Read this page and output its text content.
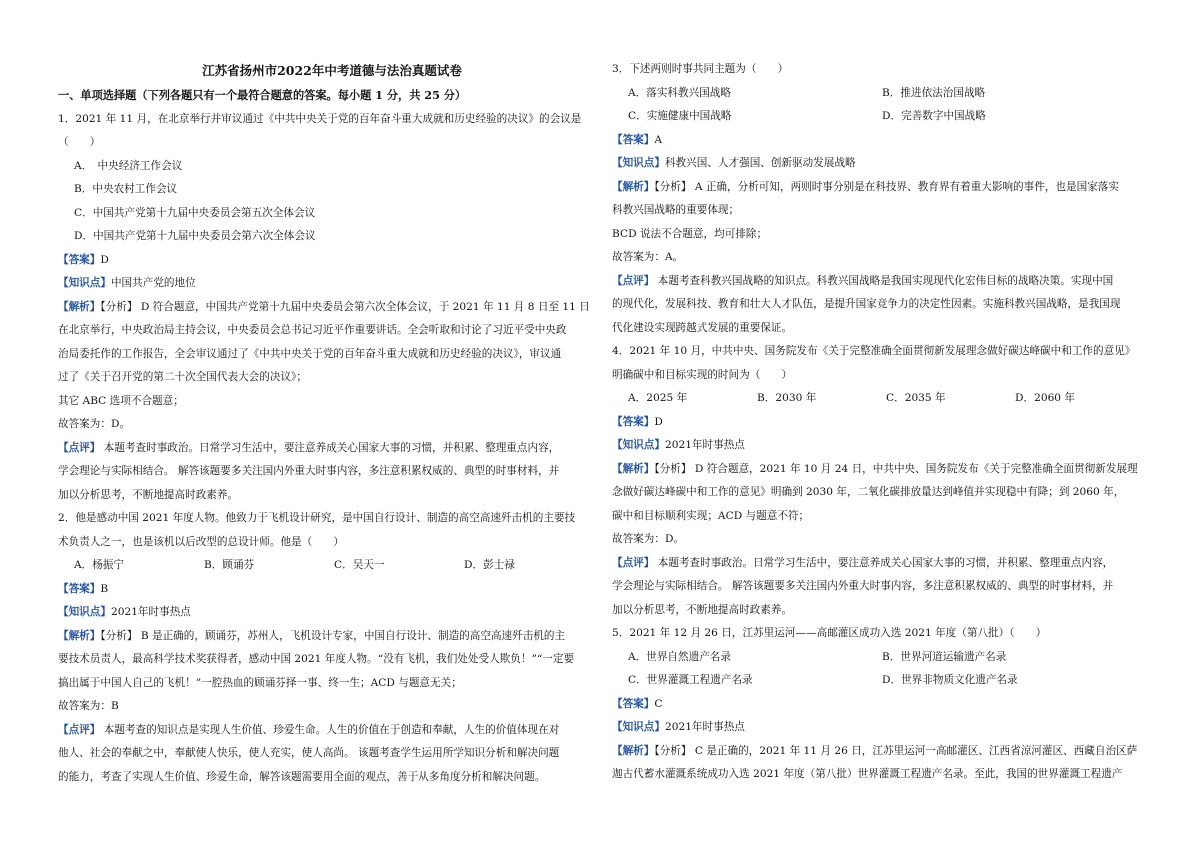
江苏省扬州市2022年中考道德与法治真题试卷
一、单项选择题（下列各题只有一个最符合题意的答案。每小题 1 分，共 25 分）
1．2021 年 11 月，在北京举行并审议通过《中共中央关于党的百年奋斗重大成就和历史经验的决议》的会议是
（　　）
A．　中央经济工作会议
B．中央农村工作会议
C．中国共产党第十九届中央委员会第五次全体会议
D．中国共产党第十九届中央委员会第六次全体会议
【答案】D
【知识点】中国共产党的地位
【解析】【分析】 D 符合题意，中国共产党第十九届中央委员会第六次全体会议，于 2021 年 11 月 8 日至 11 日
在北京举行，中央政治局主持会议，中央委员会总书记习近平作重要讲话。全会听取和讨论了习近平受中央政
治局委托作的工作报告，全会审议通过了《中共中央关于党的百年奋斗重大成就和历史经验的决议》，审议通
过了《关于召开党的第二十次全国代表大会的决议》；
其它 ABC 选项不合题意；
故答案为：D。
【点评】 本题考查时事政治。日常学习生活中，要注意养成关心国家大事的习惯，并积累、整理重点内容，
学会理论与实际相结合。 解答该题要多关注国内外重大时事内容，多注意积累权威的、典型的时事材料，并
加以分析思考，不断地提高时政素养。
2．他是感动中国 2021 年度人物。他致力于飞机设计研究，是中国自行设计、制造的高空高速歼击机的主要技
术负责人之一，也是该机以后改型的总设计师。他是（　　）
A．杨振宁	B．顾诵芬	C．吴天一	D．彭士禄
【答案】B
【知识点】2021年时事热点
【解析】【分析】 B 是正确的，顾诵芬，苏州人，飞机设计专家，中国自行设计、制造的高空高速歼击机的主
要技术员责人，最高科学技术奖获得者，感动中国 2021 年度人物。“没有飞机，我们处处受人欺负！”“一定要
搞出属于中国人自己的飞机！”一腔热血的顾诵芬择一事、终一生；ACD 与题意无关；
故答案为：B
【点评】 本题考查的知识点是实现人生价值、珍爱生命。人生的价值在于创造和奉献，人生的价值体现在对
他人、社会的奉献之中，奉献使人快乐，使人充实，使人高尚。 该题考查学生运用所学知识分析和解决问题
的能力，考查了实现人生价值、珍爱生命，解答该题需要用全面的观点，善于从多角度分析和解决问题。
3．下述两则时事共同主题为（　　）
A．落实科教兴国战略	B．推进依法治国战略
C．实施健康中国战略	D．完善数字中国战略
【答案】A
【知识点】科教兴国、人才强国、创新驱动发展战略
【解析】【分析】 A 正确，分析可知，两则时事分别是在科技界、教育界有着重大影响的事件，也是国家落实
科教兴国战略的重要体现；
BCD 说法不合题意，均可排除；
故答案为：A。
【点评】 本题考查科教兴国战略的知识点。科教兴国战略是我国实现现代化宏伟目标的战略决策。实现中国
的现代化，发展科技、教育和壮大人才队伍，是提升国家竞争力的决定性因素。实施科教兴国战略，是我国现
代化建设实现跨越式发展的重要保证。
4．2021 年 10 月，中共中央、国务院发布《关于完整准确全面贯彻新发展理念做好碳达峰碳中和工作的意见》
明确碳中和目标实现的时间为（　　）
A．2025 年	B．2030 年	C．2035 年	D．2060 年
【答案】D
【知识点】2021年时事热点
【解析】【分析】 D 符合题意，2021 年 10 月 24 日，中共中央、国务院发布《关于完整准确全面贯彻新发展理
念做好碳达峰碳中和工作的意见》明确到 2030 年，二氧化碳排放量达到峰值并实现稳中有降；到 2060 年，
碳中和目标顺利实现；ACD 与题意不符；
故答案为：D。
【点评】 本题考查时事政治。日常学习生活中，要注意养成关心国家大事的习惯，并积累、整理重点内容，
学会理论与实际相结合。 解答该题要多关注国内外重大时事内容，多注意积累权威的、典型的时事材料，并
加以分析思考，不断地提高时政素养。
5．2021 年 12 月 26 日，江苏里运河——高邮灌区成功入选 2021 年度（第八批）（　　）
A．世界自然遗产名录	B．世界河道运输遗产名录
C．世界灌溉工程遗产名录	D．世界非物质文化遗产名录
【答案】C
【知识点】2021年时事热点
【解析】【分析】 C 是正确的，2021 年 11 月 26 日，江苏里运河一高邮灌区、江西省涼河灌区、西藏自治区萨
迦古代蓄水灌溉系统成功入选 2021 年度（第八批）世界灌溉工程遗产名录。至此，我国的世界灌溉工程遗产
